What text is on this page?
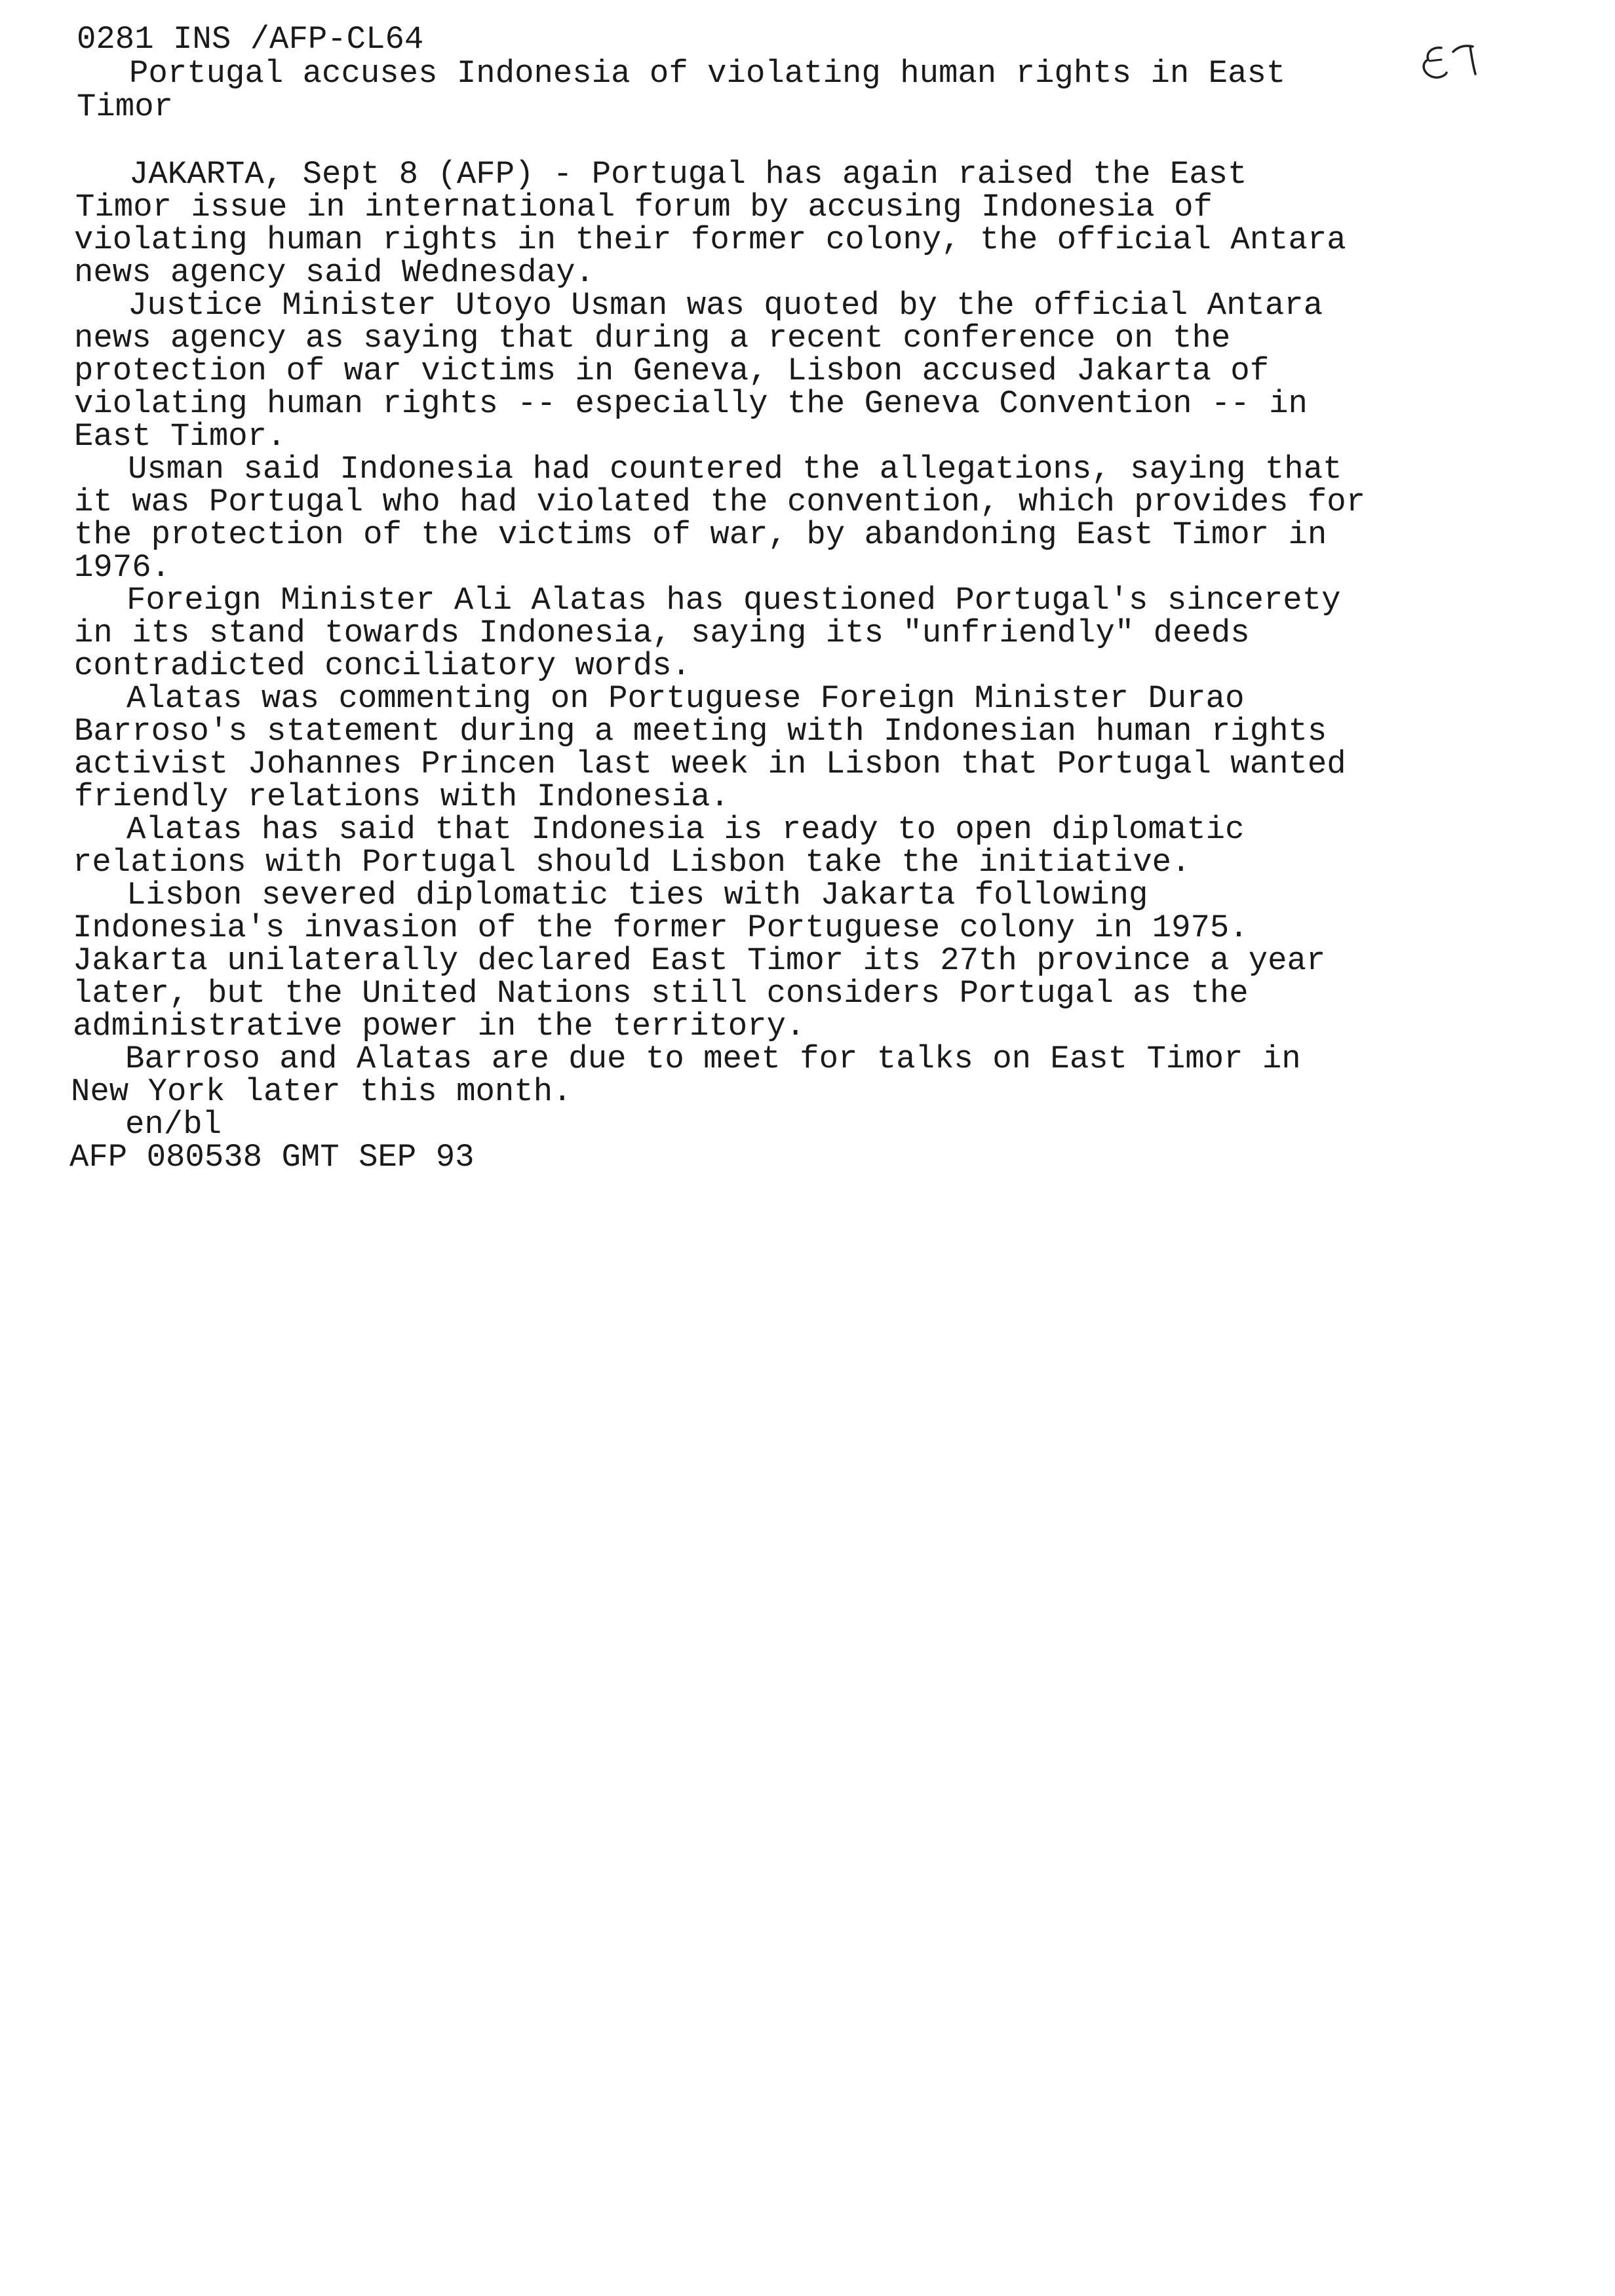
0281 INS /AFP-CL64
Portugal accuses Indonesia of violating human rights in East
Timor
JAKARTA, Sept 8 (AFP) - Portugal has again raised the East
Timor issue in international forum by accusing Indonesia of
violating human rights in their former colony, the official Antara
news agency said Wednesday.
Justice Minister Utoyo Usman was quoted by the official Antara
news agency as saying that during a recent conference on the
protection of war victims in Geneva, Lisbon accused Jakarta of
violating human rights -- especially the Geneva Convention -- in
East Timor.
Usman said Indonesia had countered the allegations, saying that
it was Portugal who had violated the convention, which provides for
the protection of the victims of war, by abandoning East Timor in
1976.
Foreign Minister Ali Alatas has questioned Portugal's sincerety
in its stand towards Indonesia, saying its "unfriendly" deeds
contradicted conciliatory words.
Alatas was commenting on Portuguese Foreign Minister Durao
Barroso's statement during a meeting with Indonesian human rights
activist Johannes Princen last week in Lisbon that Portugal wanted
friendly relations with Indonesia.
Alatas has said that Indonesia is ready to open diplomatic
relations with Portugal should Lisbon take the initiative.
Lisbon severed diplomatic ties with Jakarta following
Indonesia's invasion of the former Portuguese colony in 1975.
Jakarta unilaterally declared East Timor its 27th province a year
later, but the United Nations still considers Portugal as the
administrative power in the territory.
Barroso and Alatas are due to meet for talks on East Timor in
New York later this month.
en/bl
AFP 080538 GMT SEP 93
